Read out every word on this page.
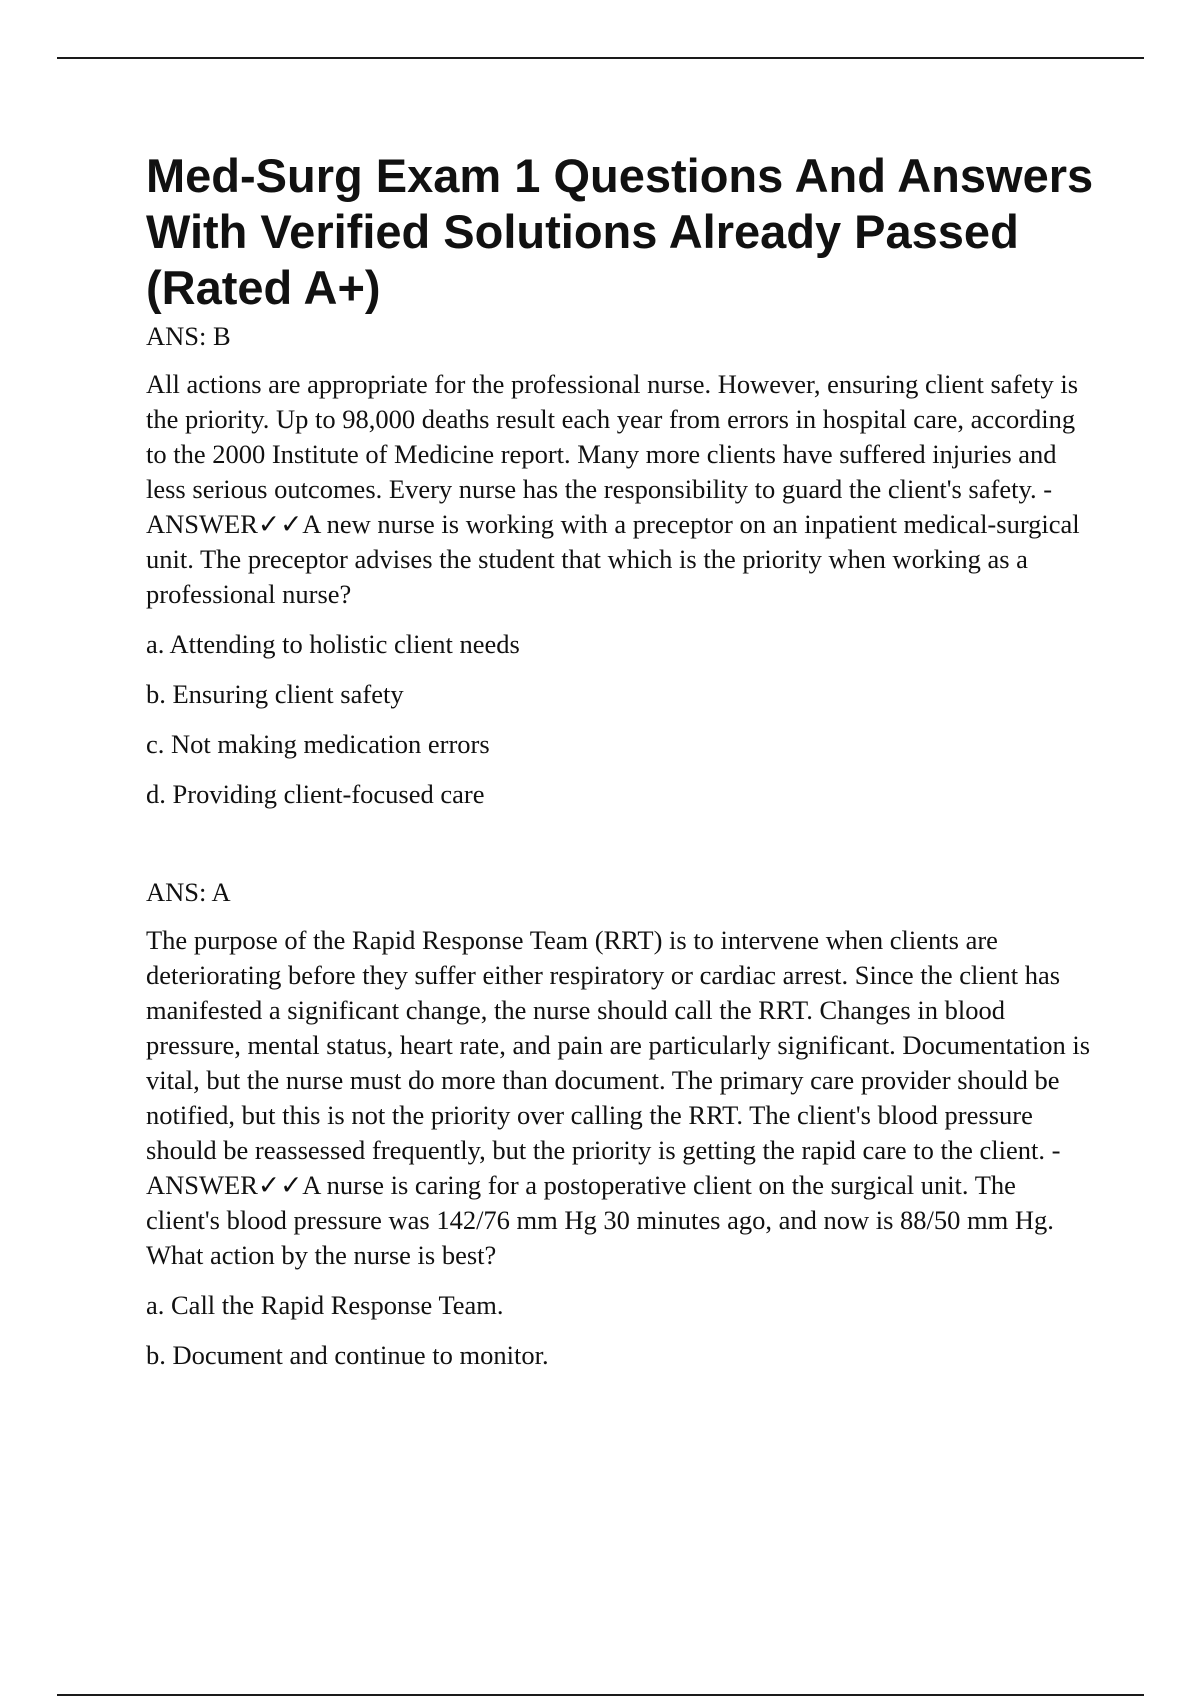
Med-Surg Exam 1 Questions And Answers With Verified Solutions Already Passed (Rated A+)

ANS: B

All actions are appropriate for the professional nurse. However, ensuring client safety is the priority. Up to 98,000 deaths result each year from errors in hospital care, according to the 2000 Institute of Medicine report. Many more clients have suffered injuries and less serious outcomes. Every nurse has the responsibility to guard the client's safety. - ANSWER✓✓A new nurse is working with a preceptor on an inpatient medical-surgical unit. The preceptor advises the student that which is the priority when working as a professional nurse?

a. Attending to holistic client needs

b. Ensuring client safety

c. Not making medication errors

d. Providing client-focused care

ANS: A

The purpose of the Rapid Response Team (RRT) is to intervene when clients are deteriorating before they suffer either respiratory or cardiac arrest. Since the client has manifested a significant change, the nurse should call the RRT. Changes in blood pressure, mental status, heart rate, and pain are particularly significant. Documentation is vital, but the nurse must do more than document. The primary care provider should be notified, but this is not the priority over calling the RRT. The client's blood pressure should be reassessed frequently, but the priority is getting the rapid care to the client. - ANSWER✓✓A nurse is caring for a postoperative client on the surgical unit. The client's blood pressure was 142/76 mm Hg 30 minutes ago, and now is 88/50 mm Hg. What action by the nurse is best?

a. Call the Rapid Response Team.

b. Document and continue to monitor.
